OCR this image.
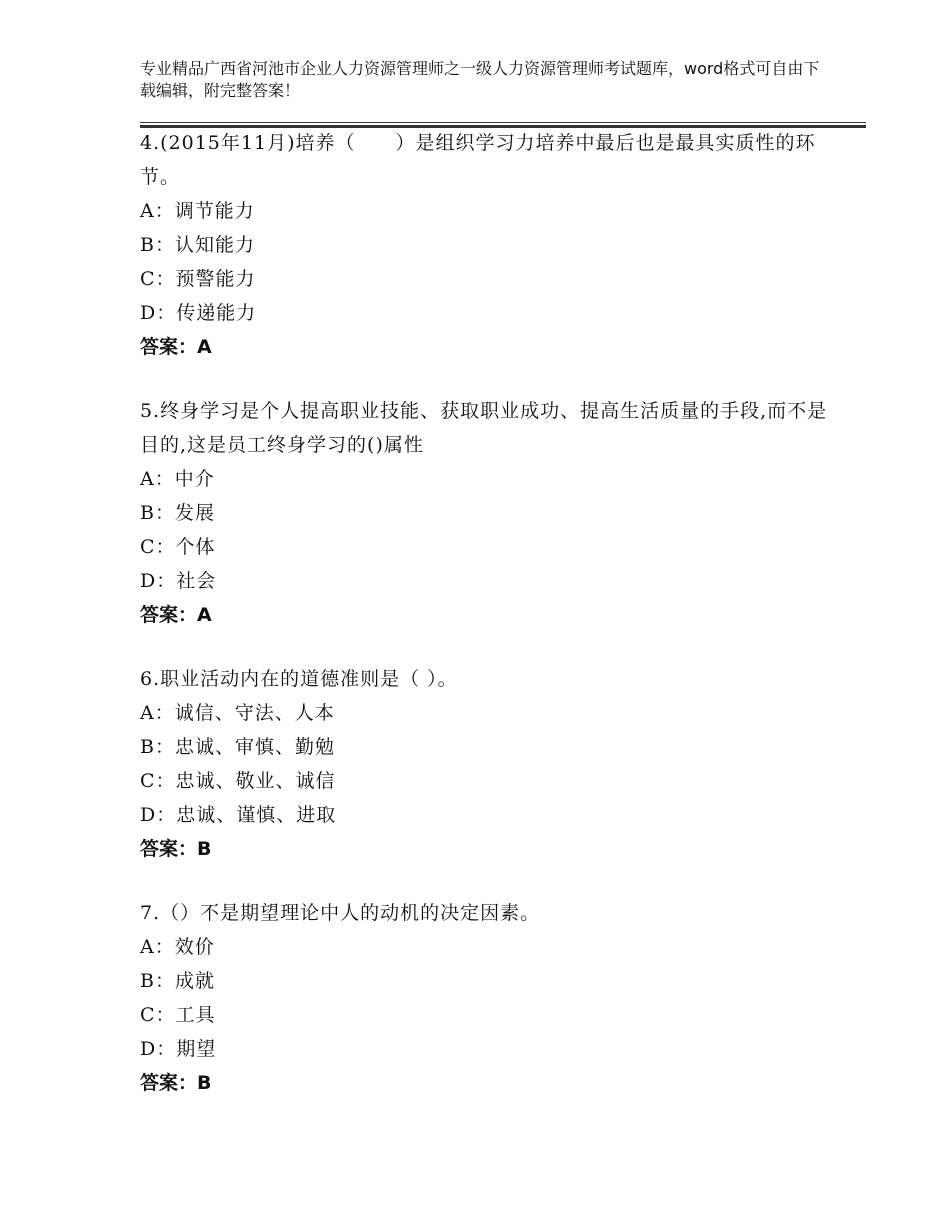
专业精品广西省河池市企业人力资源管理师之一级人力资源管理师考试题库，word格式可自由下载编辑，附完整答案！
4.(2015年11月)培养（　　）是组织学习力培养中最后也是最具实质性的环节。
A：调节能力
B：认知能力
C：预警能力
D：传递能力
答案：A
5.终身学习是个人提高职业技能、获取职业成功、提高生活质量的手段,而不是目的,这是员工终身学习的()属性
A：中介
B：发展
C：个体
D：社会
答案：A
6.职业活动内在的道德准则是（ ）。
A：诚信、守法、人本
B：忠诚、审慎、勤勉
C：忠诚、敬业、诚信
D：忠诚、谨慎、进取
答案：B
7.（）不是期望理论中人的动机的决定因素。
A：效价
B：成就
C：工具
D：期望
答案：B
